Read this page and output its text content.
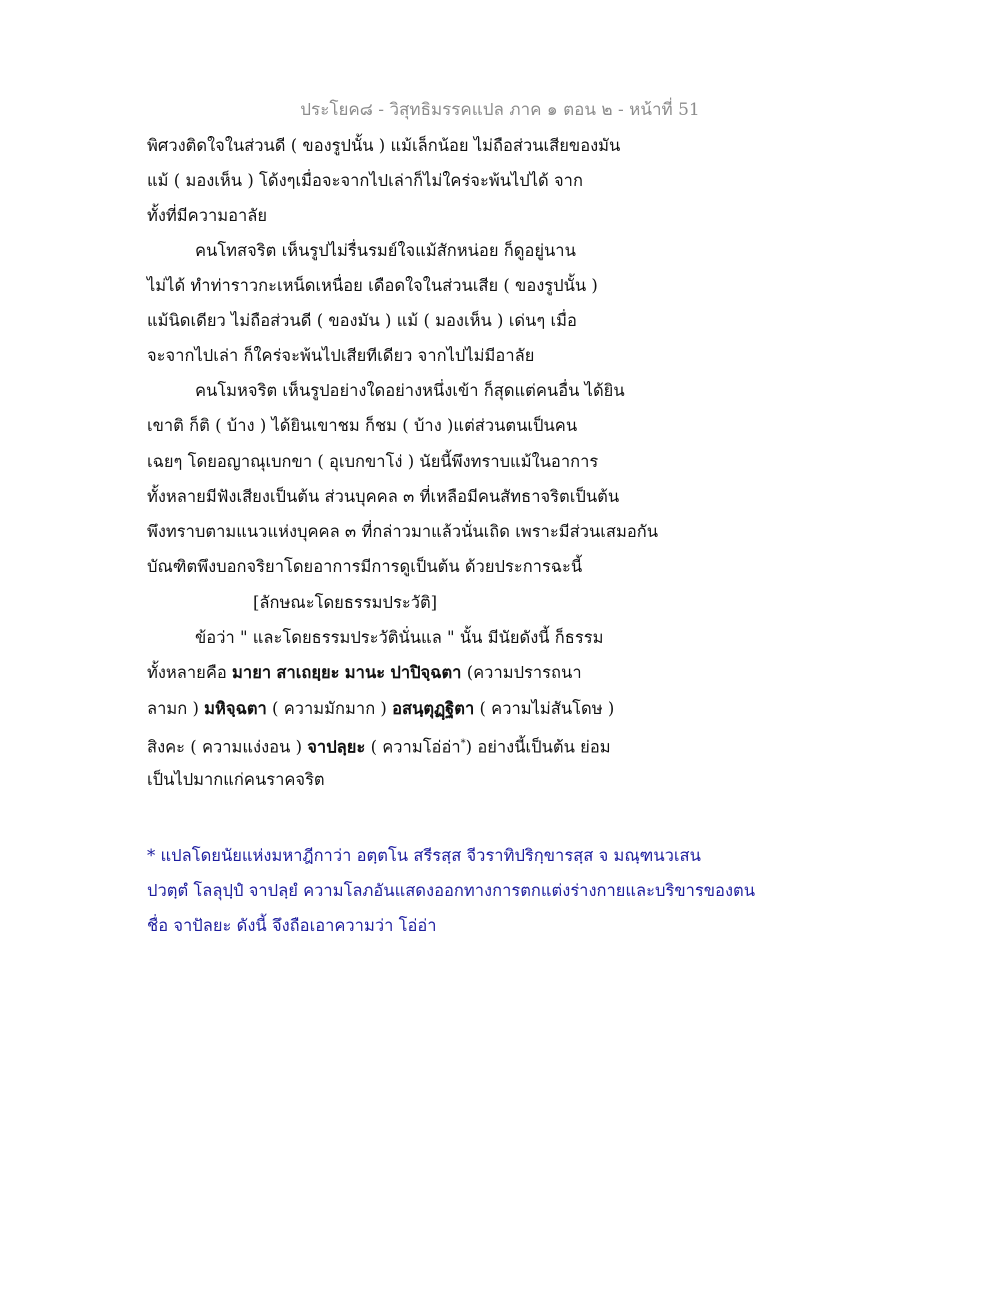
ประโยค๘ - วิสุทธิมรรคแปล ภาค ๑ ตอน ๒ - หน้าที่ 51
พิศวงติดใจในส่วนดี ( ของรูปนั้น ) แม้เล็กน้อย ไม่ถือส่วนเสียของมัน
แม้ ( มองเห็น ) โด้งๆเมื่อจะจากไปเล่าก็ไม่ใคร่จะพ้นไปได้ จาก
ทั้งที่มีความอาลัย
คนโทสจริต เห็นรูปไม่รื่นรมย์ใจแม้สักหน่อย ก็ดูอยู่นาน
ไม่ได้ ทำท่าราวกะเหน็ดเหนื่อย เดือดใจในส่วนเสีย ( ของรูปนั้น )
แม้นิดเดียว ไม่ถือส่วนดี ( ของมัน ) แม้ ( มองเห็น ) เด่นๆ เมื่อ
จะจากไปเล่า ก็ใคร่จะพ้นไปเสียทีเดียว จากไปไม่มีอาลัย
คนโมหจริต เห็นรูปอย่างใดอย่างหนึ่งเข้า ก็สุดแต่คนอื่น ได้ยิน
เขาติ ก็ติ ( บ้าง ) ได้ยินเขาชม ก็ชม ( บ้าง )แต่ส่วนตนเป็นคน
เฉยๆ โดยอญาณุเบกขา ( อุเบกขาโง่ ) นัยนี้พึงทราบแม้ในอาการ
ทั้งหลายมีฟังเสียงเป็นต้น ส่วนบุคคล ๓ ที่เหลือมีคนสัทธาจริตเป็นต้น
พึงทราบตามแนวแห่งบุคคล ๓ ที่กล่าวมาแล้วนั่นเถิด เพราะมีส่วนเสมอกัน
บัณฑิตพึงบอกจริยาโดยอาการมีการดูเป็นต้น ด้วยประการฉะนี้
[ลักษณะโดยธรรมประวัติ]
ข้อว่า " และโดยธรรมประวัตินั่นแล " นั้น มีนัยดังนี้ ก็ธรรม
ทั้งหลายคือ มายา สาเถยฺยะ มานะ ปาปิจฺฉตา (ความปรารถนา
ลามก ) มหิจฺฉตา ( ความมักมาก ) อสนฺตุฏฺฐิตา ( ความไม่สันโดษ )
สิงคะ ( ความแง่งอน ) จาปลฺยะ ( ความโอ่อ่า*) อย่างนี้เป็นต้น ย่อม
เป็นไปมากแก่คนราคจริต
* แปลโดยนัยแห่งมหาฎีกาว่า อตฺตโน สรีรสฺส จีวราทิปริกฺขารสฺส จ มณฺฑนวเสน
ปวตฺตํ โลลุปฺปํ จาปลฺยํ ความโลภอันแสดงออกทางการตกแต่งร่างกายและบริขารของตน
ชื่อ จาปัลยะ ดังนี้ จึงถือเอาความว่า โอ่อ่า
